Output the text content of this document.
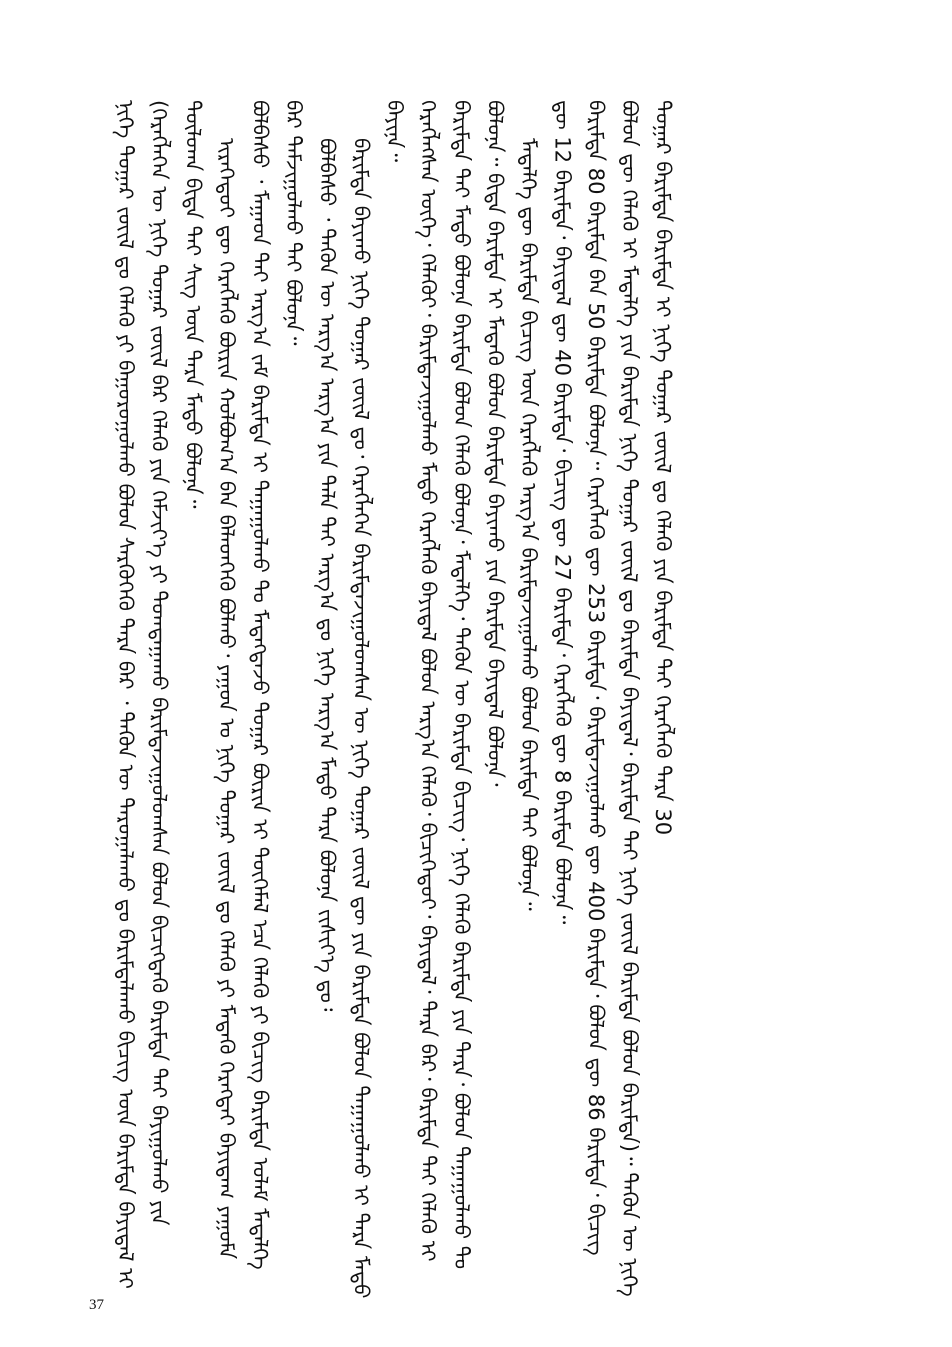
ᠨᠢᠭᠡ ᠳᠤᠭᠠᠷ ᠵᠦᠢᠯ ᠳᠤ ᠬᠡᠯᠡᠬᠦ ᠶᠢ ᠪᠠᠭᠤᠷᠤᠭᠤᠯᠬᠤ ᠪᠤᠯᠤᠨ ᠰᠡᠷᠭᠦᠭᠡᠬᠦ ᠲᠡᠷᠡ ᠪᠡᠷ ᠂ ᠲᠡᠭᠦᠨ ᠦ ᠳᠠᠷᠤᠭᠠᠯᠠᠬᠤ ᠳᠤ ᠪᠠᠷᠢᠮᠲᠠᠯᠠᠬᠤ ᠪᠢᠴᠢᠭ ᠦᠨ ᠪᠠᠷᠢᠮᠲᠠ ᠪᠠᠶᠢᠳᠠᠯ ᠢ (ᠬᠡᠷᠡᠭᠯᠡᠭᠡᠨ ᠦ ᠨᠢᠭᠡ ᠳᠤᠭᠠᠷ ᠵᠦᠢᠯ ᠪᠡᠷ ᠬᠡᠯᠡᠬᠦ ᠶᠢᠨ ᠬᠡᠮᠵᠢᠶ᠎ᠡ ᠶᠢ ᠲᠣᠭᠲᠠᠭᠠᠬᠤ ᠪᠠᠷᠢᠮᠲᠠᠵᠢᠭᠤᠯᠤᠭᠰᠠᠨ ᠪᠣᠯᠤᠨ ᠪᠢᠴᠢᠭᠳᠡᠬᠦ ᠪᠠᠷᠢᠮᠲᠠ ᠲᠡᠢ ᠪᠠᠶᠢᠭᠤᠯᠬᠤ ᠶᠢᠨ ᠲᠥᠯᠥᠭ᠍ᠡ ᠪᠢᠳᠡ ᠲᠠᠢ ᠰᠢᠭ ᠦᠨ ᠲᠡᠷᠡ ᠮᠡᠲᠦ ᠪᠣᠯᠤᠨᠠ᠃ ᠢᠷᠡᠭᠡᠳᠦᠢ ᠳᠦ ᠬᠡᠷᠡᠭᠯᠡᠬᠦ ᠪᠦᠷᠢᠨ ᠬᠣᠯᠪᠣᠭ᠎ᠠ ᠪᠠᠨ ᠪᠡᠯᠡᠳᠬᠡᠬᠦ ᠪᠣᠯᠬᠤ᠂ ᠶᠠᠭᠤᠨ ᠤ ᠨᠢᠭᠡ ᠳᠤᠭᠠᠷ ᠵᠦᠢᠯ ᠳᠤ ᠬᠡᠯᠡᠬᠦ ᠶᠢ ᠮᠡᠳᠡᠬᠦ ᠬᠡᠷᠡᠭᠲᠡᠢ ᠪᠠᠶᠢᠳᠠᠭ ᠶᠠᠭᠤᠮᠠ ᠪᠣᠯᠪᠠᠰᠤ ᠂ ᠮᠠᠭᠠᠳ ᠲᠠᠢ ᠠᠷᠭ᠎ᠠ ᠵᠠᠮ ᠪᠠᠷᠢᠮᠲᠠ ᠢ ᠳᠠᠭᠠᠭᠤᠯᠬᠤ ᠲᠤ ᠮᠡᠳᠡᠭᠳᠡᠵᠦ ᠳᠤᠭᠠᠷ ᠪᠦᠷᠢᠨ ᠢ ᠲᠦᠭᠡᠮᠡᠯ ᠡᠴᠡ ᠬᠡᠯᠡᠬᠦ ᠶᠢ ᠪᠢᠴᠢᠭ ᠪᠠᠷᠢᠮᠲᠠ ᠤᠯᠠᠮ ᠮᠡᠳᠡᠯᠭᠡ ᠪᠠᠷ ᠳᠠᠮᠵᠢᠭᠤᠯᠬᠤ ᠲᠠᠢ ᠪᠣᠯᠤᠨᠠ᠃ ᠪᠣᠯᠪᠠᠰᠤ ᠂ ᠲᠡᠭᠦᠨ ᠦ ᠠᠷᠭ᠎ᠠ ᠠᠷᠭ᠎ᠠ ᠶᠢᠨ ᠲᠡᠯᠡ ᠲᠡᠢ ᠠᠷᠭ᠎ᠠ ᠳᠤ ᠨᠢᠭᠡ ᠠᠷᠭ᠎ᠠ ᠮᠡᠲᠦ ᠲᠡᠷᠡ ᠪᠣᠯᠤᠨᠠ ᠵᠢᠱᠢᠶ᠎ᠡ ᠳᠤ᠄ ᠪᠠᠷᠢᠮᠲᠠ ᠪᠠᠶᠢᠬᠤ ᠨᠢᠭᠡ ᠳᠤᠭᠠᠷ ᠵᠦᠢᠯ ᠳᠤ᠂ ᠬᠡᠷᠡᠭᠯᠡᠭᠡᠨ ᠪᠠᠷᠢᠮᠲᠠᠵᠢᠭᠤᠯᠤᠭᠰᠠᠨ ᠦ ᠨᠢᠭᠡ ᠳᠤᠭᠠᠷ ᠵᠦᠢᠯ ᠳᠦ ᠶᠢᠨ ᠪᠠᠷᠢᠮᠲᠠ ᠪᠣᠯᠤᠨ ᠳᠠᠭᠠᠭᠤᠯᠬᠤ ᠢ ᠲᠡᠷᠡ ᠮᠡᠲᠦ ᠪᠠᠶᠢᠨᠠ᠃ ᠬᠡᠷᠡᠭᠯᠡᠭᠰᠡᠨ ᠦᠭᠡ᠂ ᠬᠡᠯᠡᠬᠦᠢ᠂ ᠪᠠᠷᠢᠮᠲᠠᠵᠢᠭᠤᠯᠬᠤ ᠮᠡᠲᠦ ᠬᠡᠷᠡᠭᠯᠡᠬᠦ ᠪᠠᠶᠢᠳᠠᠯ ᠪᠣᠯᠤᠨ ᠠᠷᠭ᠎ᠠ ᠬᠡᠯᠡᠬᠦ᠂ ᠪᠢᠴᠢᠭᠡᠳᠦᠢ᠂ ᠪᠠᠶᠢᠳᠠᠯ᠂ ᠲᠡᠷᠡ ᠪᠡᠷ᠂ ᠪᠠᠷᠢᠮᠲᠠ ᠲᠡᠢ ᠬᠡᠯᠡᠬᠦ ᠢ ᠪᠠᠷᠢᠮᠲᠠ ᠲᠡᠢ ᠮᠡᠲᠦ ᠪᠣᠯᠤᠨᠠ ᠪᠠᠷᠢᠮᠲᠠ ᠪᠣᠯᠤᠨ ᠬᠡᠯᠡᠬᠦ ᠪᠣᠯᠤᠨᠠ᠂ ᠮᠡᠳᠡᠯᠭᠡ᠂ ᠲᠡᠭᠦᠨ ᠦ ᠪᠠᠷᠢᠮᠲᠠ ᠪᠢᠴᠢᠭ᠂ ᠨᠢᠭᠡ ᠬᠡᠯᠡᠬᠦ ᠪᠠᠷᠢᠮᠲᠠ ᠶᠢᠨ ᠲᠡᠷᠡ᠂ ᠪᠣᠯᠤᠨ ᠳᠠᠭᠠᠭᠤᠯᠬᠤ ᠲᠤ ᠪᠣᠯᠤᠨᠠ᠃ ᠪᠢᠳᠡ ᠪᠠᠷᠢᠮᠲᠠ ᠢ ᠮᠡᠳᠡᠬᠦ ᠪᠣᠯᠤᠨ ᠪᠠᠷᠢᠮᠲᠠ ᠪᠠᠶᠢᠬᠤ ᠶᠢᠨ ᠪᠠᠷᠢᠮᠲᠠ ᠪᠠᠶᠢᠳᠠᠯ ᠪᠣᠯᠤᠨᠠ᠂ ᠮᠡᠳᠡᠯᠭᠡ ᠳᠦ ᠪᠠᠷᠢᠮᠲᠠ ᠪᠢᠴᠢᠭ ᠦᠨ ᠬᠡᠷᠡᠭᠯᠡᠬᠦ ᠠᠷᠭ᠎ᠠ ᠪᠠᠷᠢᠮᠲᠠᠵᠢᠭᠤᠯᠬᠤ ᠪᠣᠯᠤᠨ ᠪᠠᠷᠢᠮᠲᠠ ᠲᠡᠢ ᠪᠣᠯᠤᠨᠠ᠃ ᠳᠦ 12 ᠪᠠᠷᠢᠮᠲᠠ᠂ ᠪᠠᠶᠢᠳᠠᠯ ᠳᠦ 40 ᠪᠠᠷᠢᠮᠲᠠ᠂ ᠪᠢᠴᠢᠭ ᠳᠦ 27 ᠪᠠᠷᠢᠮᠲᠠ᠂ ᠬᠡᠷᠡᠭᠯᠡᠬᠦ ᠳᠦ 8 ᠪᠠᠷᠢᠮᠲᠠ ᠪᠣᠯᠤᠨᠠ᠃ ᠪᠠᠷᠢᠮᠲᠠ 80 ᠪᠠᠷᠢᠮᠲᠠ ᠪᠠᠨ 50 ᠪᠠᠷᠢᠮᠲᠠ ᠪᠣᠯᠤᠨᠠ᠃ ᠬᠡᠷᠡᠭᠯᠡᠬᠦ ᠳᠦ 253 ᠪᠠᠷᠢᠮᠲᠠ᠂ ᠪᠠᠷᠢᠮᠲᠠᠵᠢᠭᠤᠯᠬᠤ ᠳᠦ 400 ᠪᠠᠷᠢᠮᠲᠠ᠂ ᠪᠣᠯᠤᠨ ᠳᠦ 86 ᠪᠠᠷᠢᠮᠲᠠ᠂ ᠪᠢᠴᠢᠭ ᠪᠣᠯᠤᠨ ᠳᠦ ᠬᠡᠯᠡᠬᠦ ᠢ ᠮᠡᠳᠡᠯᠭᠡ ᠶᠢᠨ ᠪᠠᠷᠢᠮᠲᠠ ᠨᠢᠭᠡ ᠳᠤᠭᠠᠷ ᠵᠦᠢᠯ ᠳᠤ ᠪᠠᠷᠢᠮᠲᠠ ᠪᠠᠶᠢᠳᠠᠯ᠂ ᠪᠠᠷᠢᠮᠲᠠ ᠲᠡᠢ ᠨᠢᠭᠡ ᠵᠦᠢᠯ ᠪᠠᠷᠢᠮᠲᠠ ᠪᠣᠯᠤᠨ ᠪᠠᠷᠢᠮᠲᠠ)᠃ ᠲᠡᠭᠦᠨ ᠦ ᠨᠢᠭᠡ ᠳᠤᠭᠠᠷ ᠪᠠᠷᠢᠮᠲᠠ ᠪᠠᠷᠢᠮᠲᠠ ᠢ ᠨᠢᠭᠡ ᠳᠤᠭᠠᠷ ᠵᠦᠢᠯ ᠳᠤ ᠬᠡᠯᠡᠬᠦ ᠶᠢᠨ ᠪᠠᠷᠢᠮᠲᠠ ᠲᠡᠢ ᠬᠡᠷᠡᠭᠯᠡᠬᠦ ᠲᠡᠷᠡ 30

37
